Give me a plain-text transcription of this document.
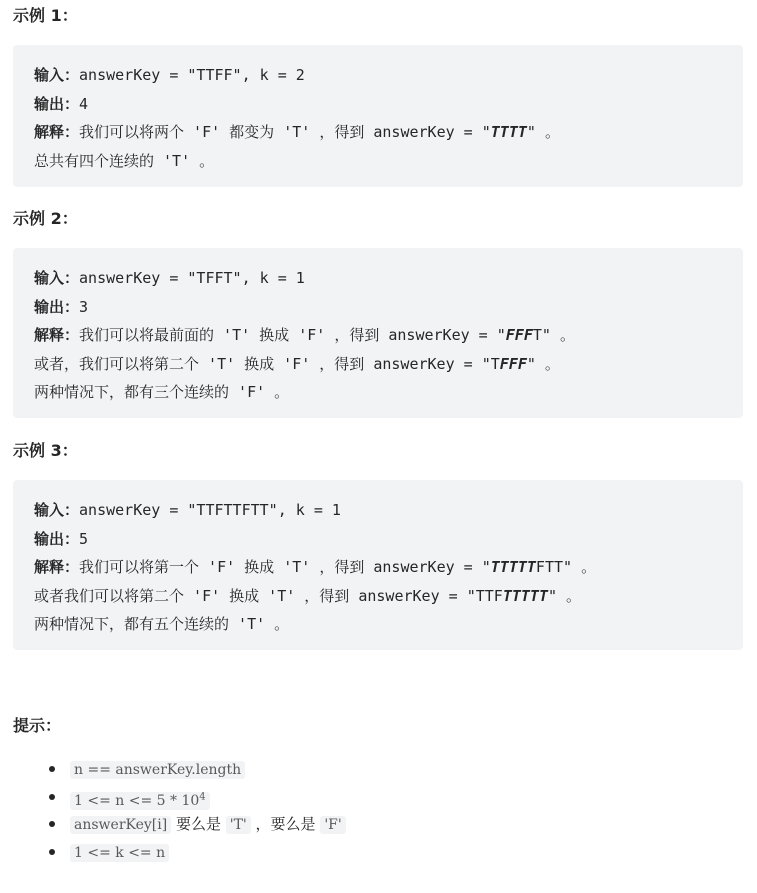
示例 1：
输入：answerKey = "TTFF", k = 2
输出：4
解释：我们可以将两个 'F' 都变为 'T' ，得到 answerKey = "TTTT" 。
总共有四个连续的 'T' 。
示例 2：
输入：answerKey = "TFFT", k = 1
输出：3
解释：我们可以将最前面的 'T' 换成 'F' ，得到 answerKey = "FFFT" 。
或者，我们可以将第二个 'T' 换成 'F' ，得到 answerKey = "TFFF" 。
两种情况下，都有三个连续的 'F' 。
示例 3：
输入：answerKey = "TTFTTFTT", k = 1
输出：5
解释：我们可以将第一个 'F' 换成 'T' ，得到 answerKey = "TTTTTFTT" 。
或者我们可以将第二个 'F' 换成 'T' ，得到 answerKey = "TTFTTTTT" 。
两种情况下，都有五个连续的 'T' 。
提示：
n == answerKey.length
$1 <= n <= 5 * 10^4$
answerKey[i] 要么是 'T' ，要么是 'F'
1 <= k <= n
